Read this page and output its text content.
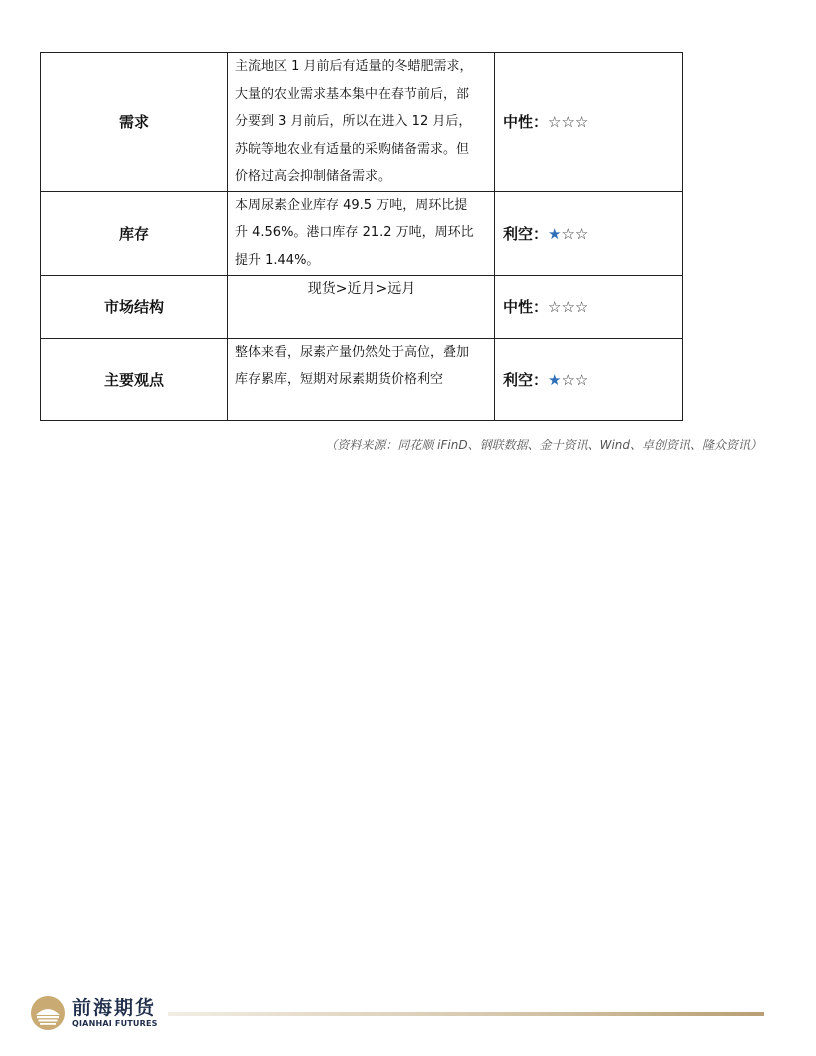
需求	主流地区 1 月前后有适量的冬蜡肥需求，
大量的农业需求基本集中在春节前后，部
分要到 3 月前后，所以在进入 12 月后，
苏皖等地农业有适量的采购储备需求。但
价格过高会抑制储备需求。	中性：☆☆☆
库存	本周尿素企业库存 49.5 万吨，周环比提
升 4.56%。港口库存 21.2 万吨，周环比
提升 1.44%。	利空：★☆☆
市场结构	现货>近月>远月	中性：☆☆☆
主要观点	整体来看，尿素产量仍然处于高位，叠加
库存累库，短期对尿素期货价格利空	利空：★☆☆
（资料来源：同花顺 iFinD、钢联数据、金十资讯、Wind、卓创资讯、隆众资讯）
前海期货
QIANHAI FUTURES
